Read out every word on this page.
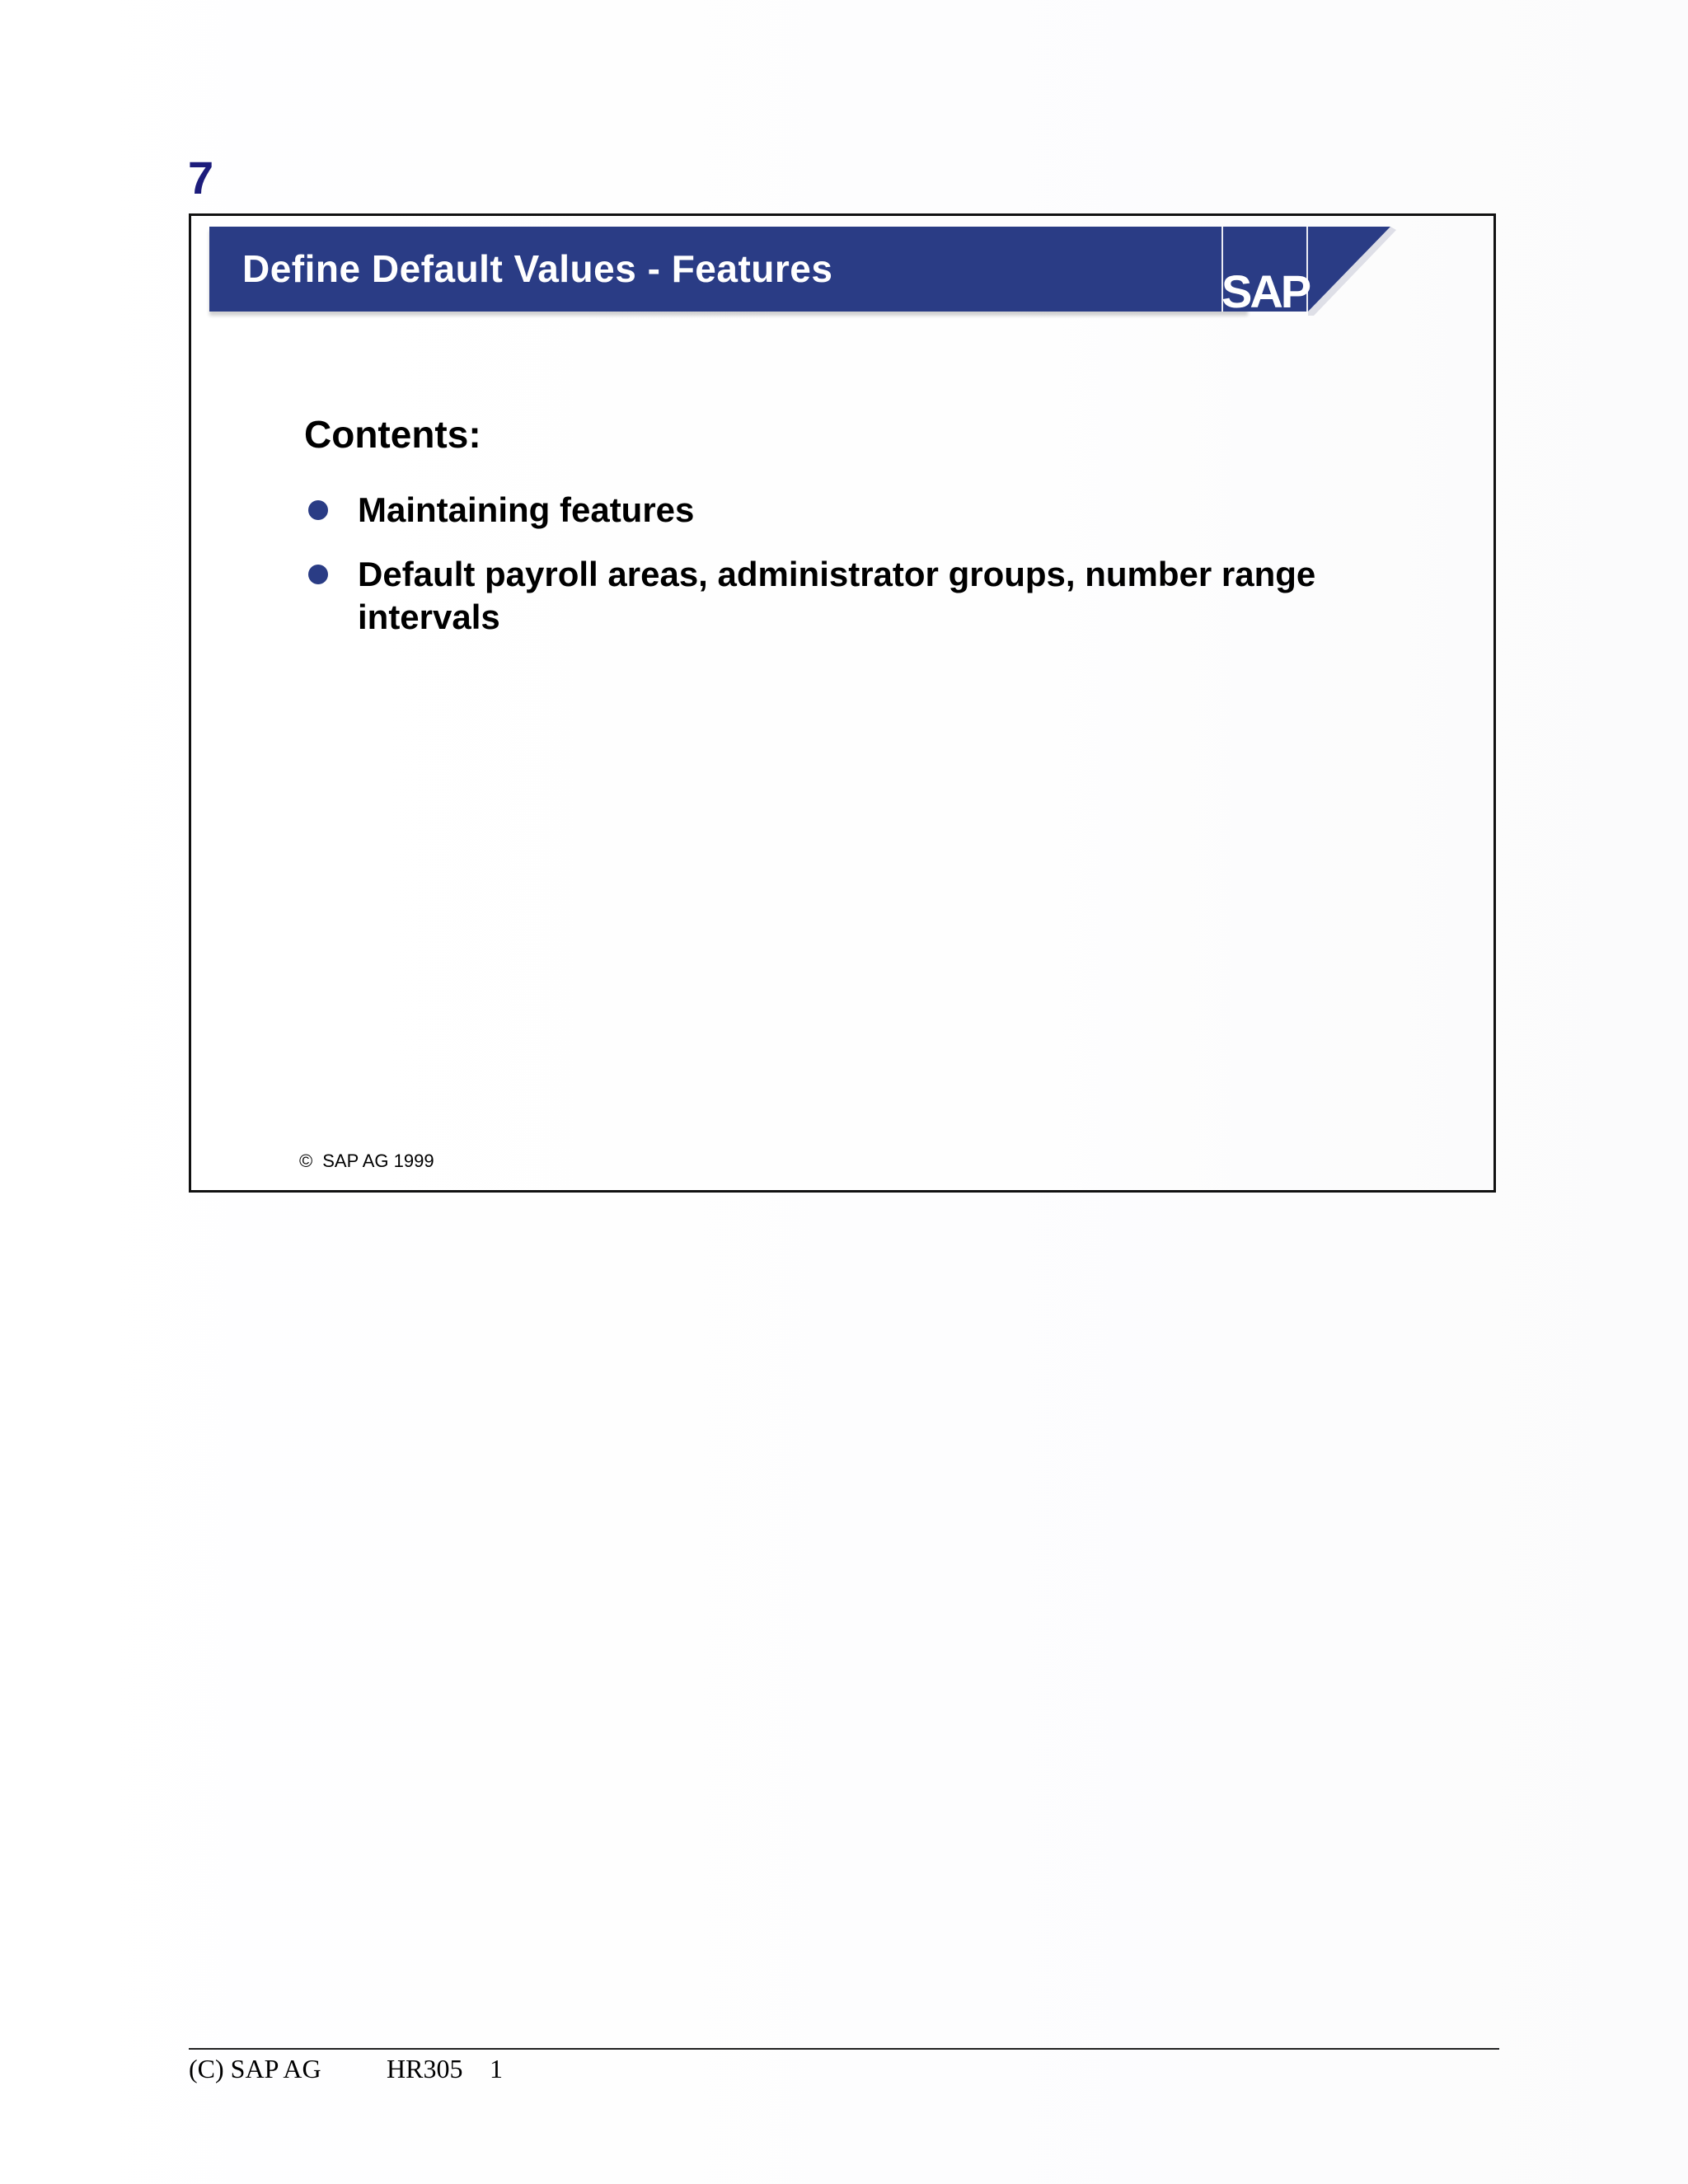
7
Define Default Values - Features	SAP
Contents:
Maintaining features
Default payroll areas, administrator groups, number range intervals
© SAP AG 1999
(C) SAP AG HR305 1
